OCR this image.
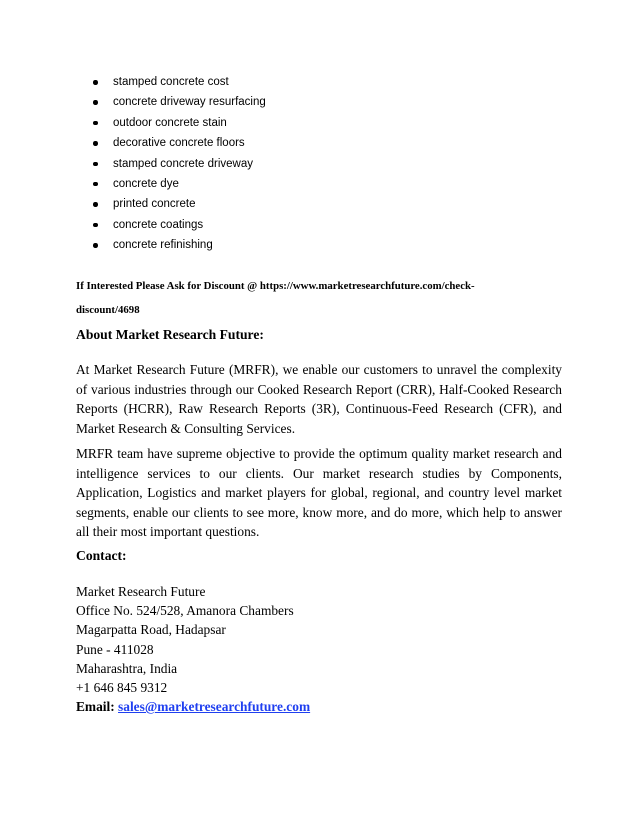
stamped concrete cost
concrete driveway resurfacing
outdoor concrete stain
decorative concrete floors
stamped concrete driveway
concrete dye
printed concrete
concrete coatings
concrete refinishing

If Interested Please Ask for Discount @ https://www.marketresearchfuture.com/check-
discount/4698

About Market Research Future:

At Market Research Future (MRFR), we enable our customers to unravel the complexity of various industries through our Cooked Research Report (CRR), Half-Cooked Research Reports (HCRR), Raw Research Reports (3R), Continuous-Feed Research (CFR), and Market Research & Consulting Services.

MRFR team have supreme objective to provide the optimum quality market research and intelligence services to our clients. Our market research studies by Components, Application, Logistics and market players for global, regional, and country level market segments, enable our clients to see more, know more, and do more, which help to answer all their most important questions.

Contact:
Market Research Future
Office No. 524/528, Amanora Chambers
Magarpatta Road, Hadapsar
Pune - 411028
Maharashtra, India
+1 646 845 9312
Email: sales@marketresearchfuture.com
